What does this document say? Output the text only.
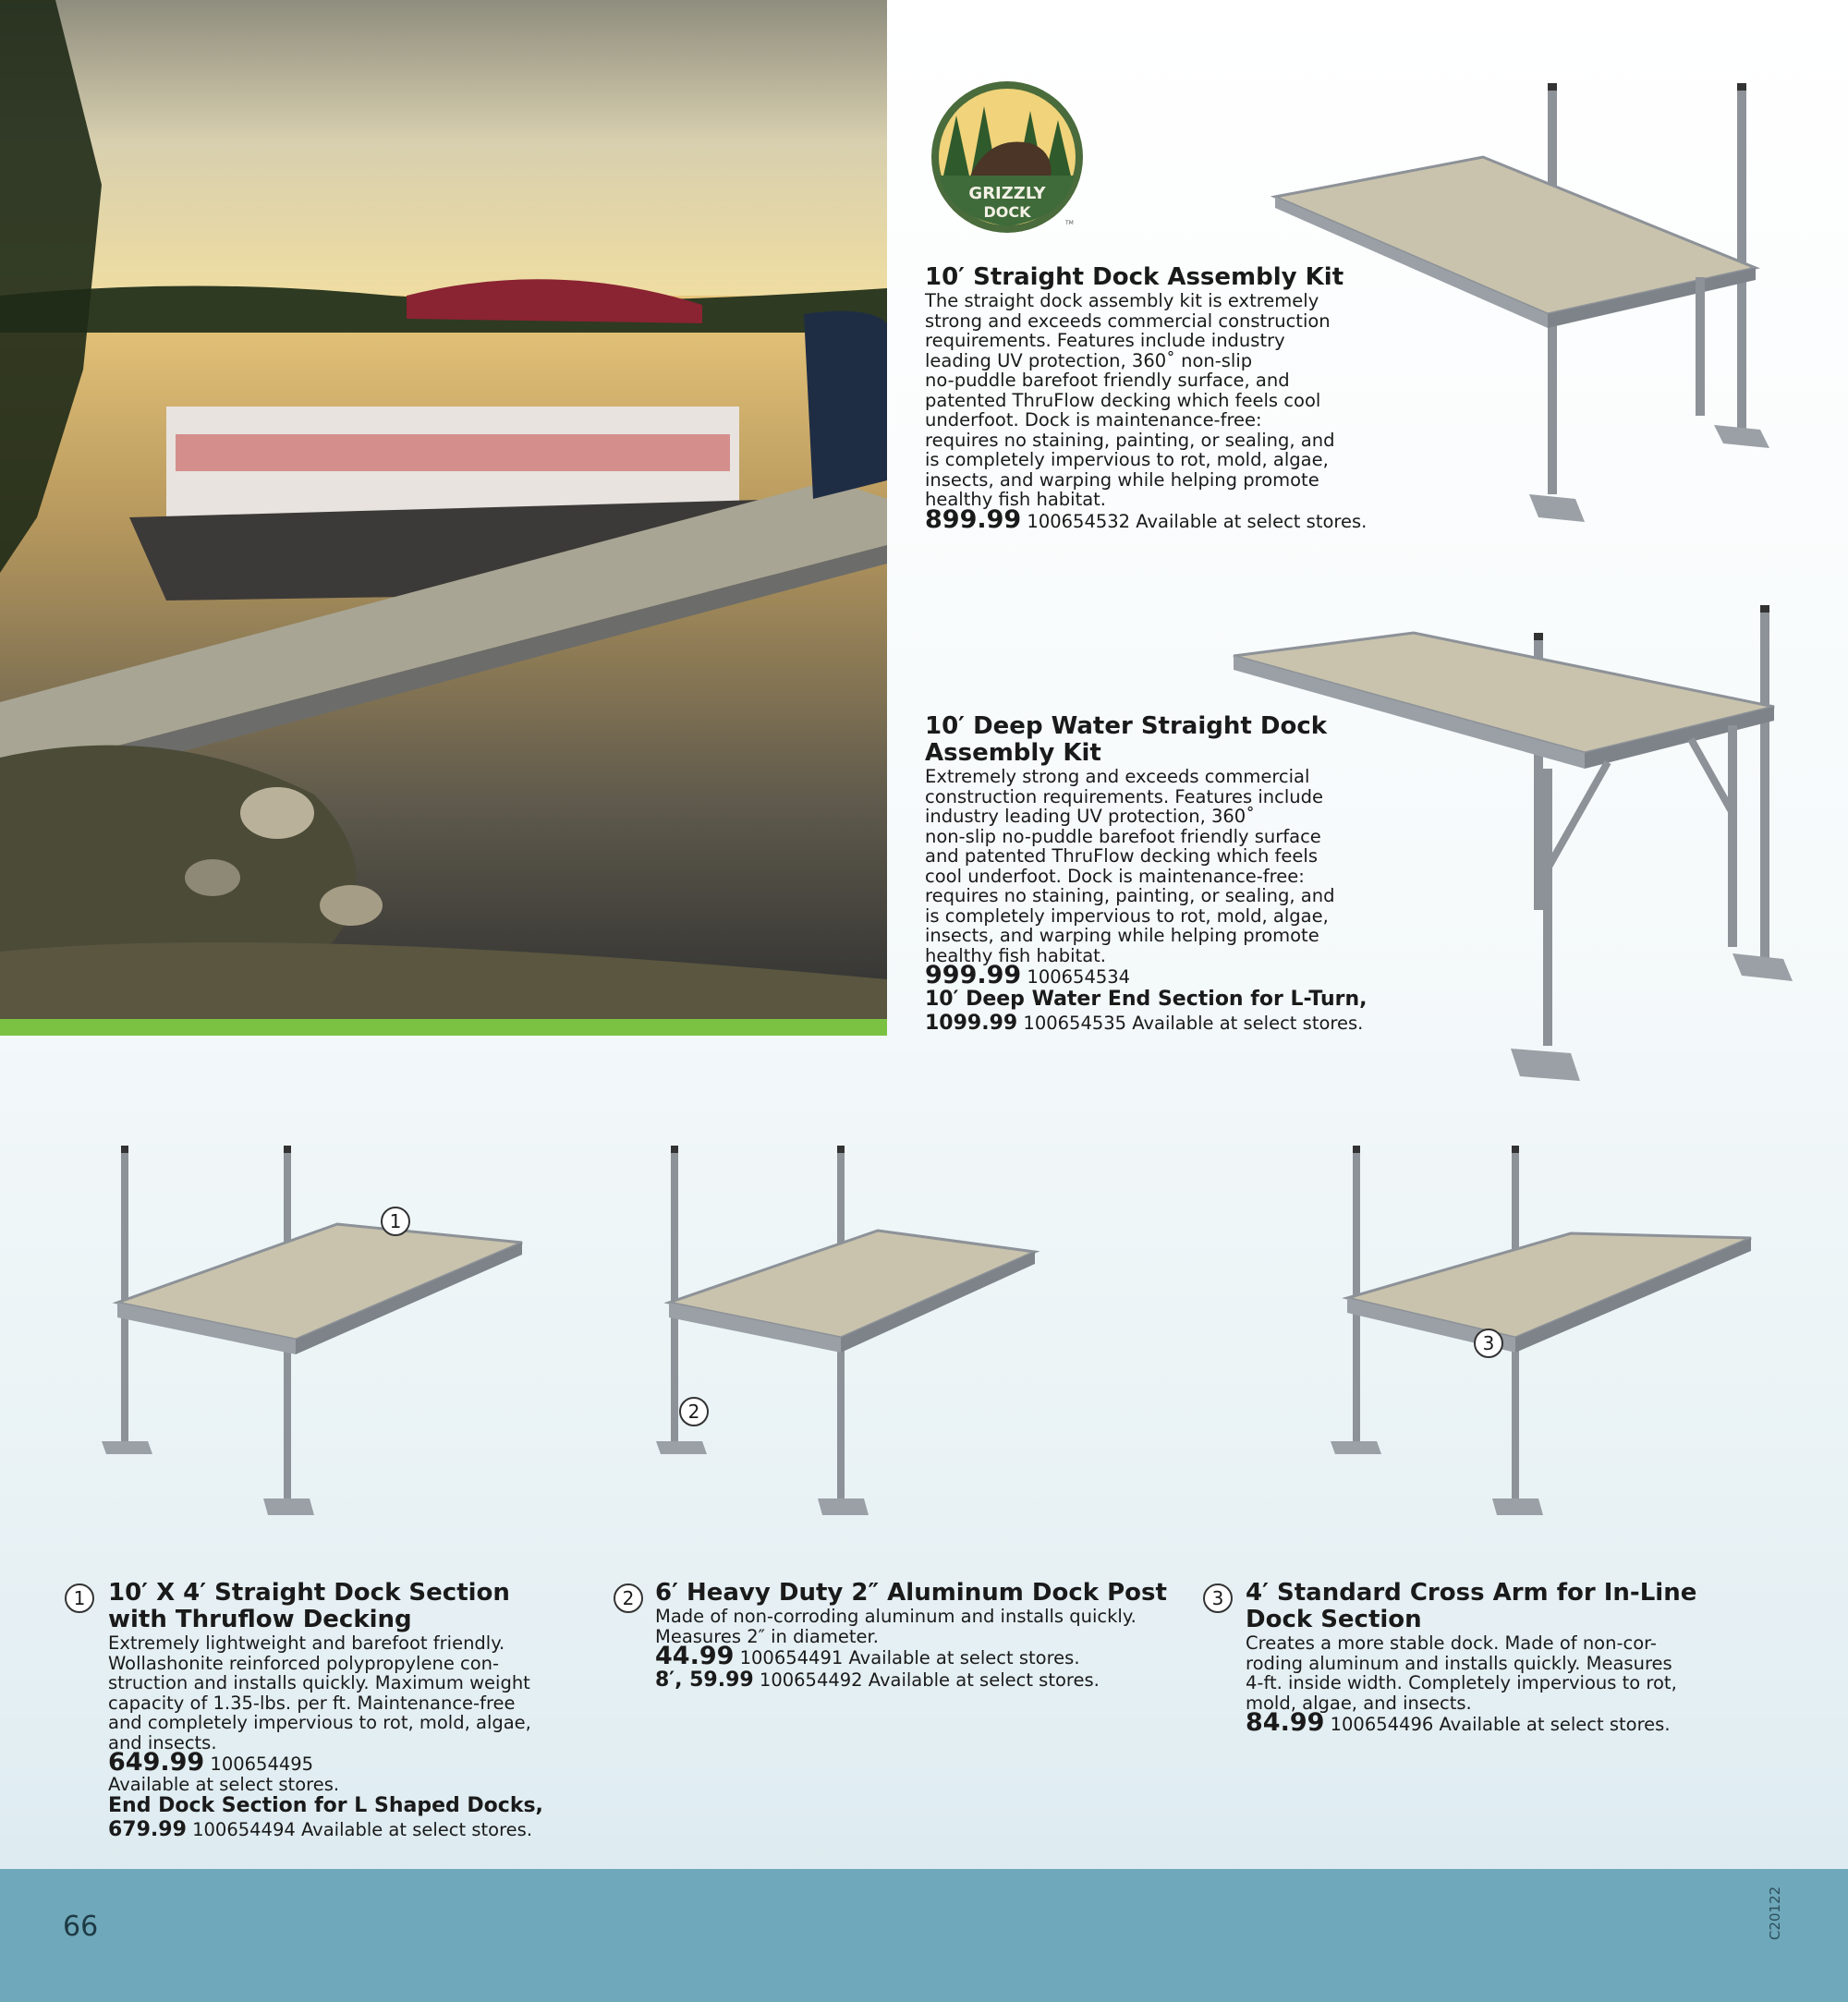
GRIZZLY
DOCK
TM
1
2
3
10′ Straight Dock Assembly Kit
The straight dock assembly kit is extremely
strong and exceeds commercial construction
requirements. Features include industry
leading UV protection, 360˚ non-slip
no-puddle barefoot friendly surface, and
patented ThruFlow decking which feels cool
underfoot. Dock is maintenance-free:
requires no staining, painting, or sealing, and
is completely impervious to rot, mold, algae,
insects, and warping while helping promote
healthy fish habitat.
899.99 100654532 Available at select stores.
10′ Deep Water Straight Dock
Assembly Kit
Extremely strong and exceeds commercial
construction requirements. Features include
industry leading UV protection, 360˚
non-slip no-puddle barefoot friendly surface
and patented ThruFlow decking which feels
cool underfoot. Dock is maintenance-free:
requires no staining, painting, or sealing, and
is completely impervious to rot, mold, algae,
insects, and warping while helping promote
healthy fish habitat.
999.99 100654534
10′ Deep Water End Section for L-Turn,
1099.99 100654535 Available at select stores.
1 10′ X 4′ Straight Dock Section
with Thruflow Decking
Extremely lightweight and barefoot friendly.
Wollashonite reinforced polypropylene con-
struction and installs quickly. Maximum weight
capacity of 1.35-lbs. per ft. Maintenance-free
and completely impervious to rot, mold, algae,
and insects.
649.99 100654495
Available at select stores.
End Dock Section for L Shaped Docks,
679.99 100654494 Available at select stores.
2 6′ Heavy Duty 2″ Aluminum Dock Post
Made of non-corroding aluminum and installs quickly.
Measures 2″ in diameter.
44.99 100654491 Available at select stores.
8′, 59.99 100654492 Available at select stores.
3 4′ Standard Cross Arm for In-Line
Dock Section
Creates a more stable dock. Made of non-cor-
roding aluminum and installs quickly. Measures
4-ft. inside width. Completely impervious to rot,
mold, algae, and insects.
84.99 100654496 Available at select stores.
66	C20122
